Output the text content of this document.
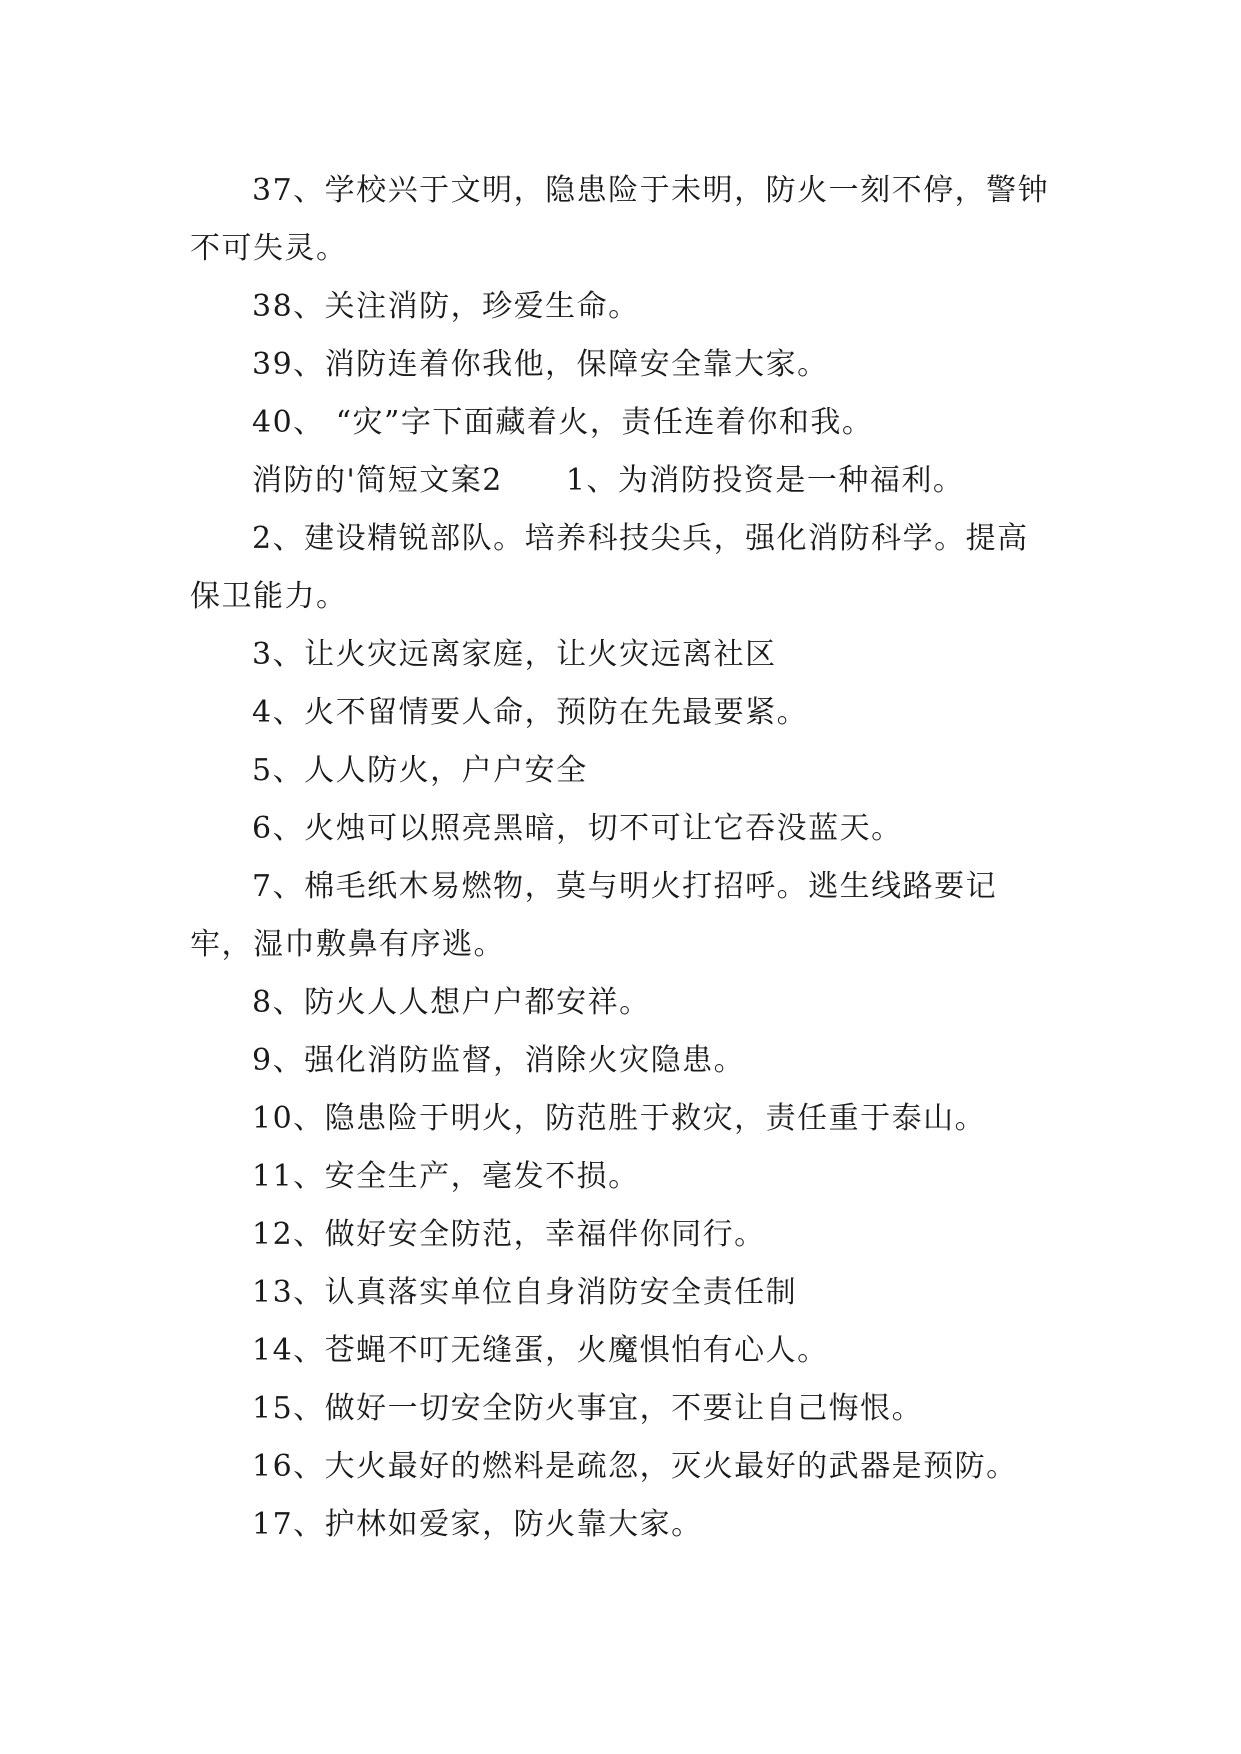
37、学校兴于文明，隐患险于未明，防火一刻不停，警钟不可失灵。

38、关注消防，珍爱生命。

39、消防连着你我他，保障安全靠大家。

40、 “灾”字下面藏着火，责任连着你和我。

消防的'简短文案2　　1、为消防投资是一种福利。

2、建设精锐部队。培养科技尖兵，强化消防科学。提高保卫能力。

3、让火灾远离家庭，让火灾远离社区

4、火不留情要人命，预防在先最要紧。

5、人人防火，户户安全

6、火烛可以照亮黑暗，切不可让它吞没蓝天。

7、棉毛纸木易燃物，莫与明火打招呼。逃生线路要记牢，湿巾敷鼻有序逃。

8、防火人人想户户都安祥。

9、强化消防监督，消除火灾隐患。

10、隐患险于明火，防范胜于救灾，责任重于泰山。

11、安全生产，毫发不损。

12、做好安全防范，幸福伴你同行。

13、认真落实单位自身消防安全责任制

14、苍蝇不叮无缝蛋，火魔惧怕有心人。

15、做好一切安全防火事宜，不要让自己悔恨。

16、大火最好的燃料是疏忽，灭火最好的武器是预防。

17、护林如爱家，防火靠大家。
